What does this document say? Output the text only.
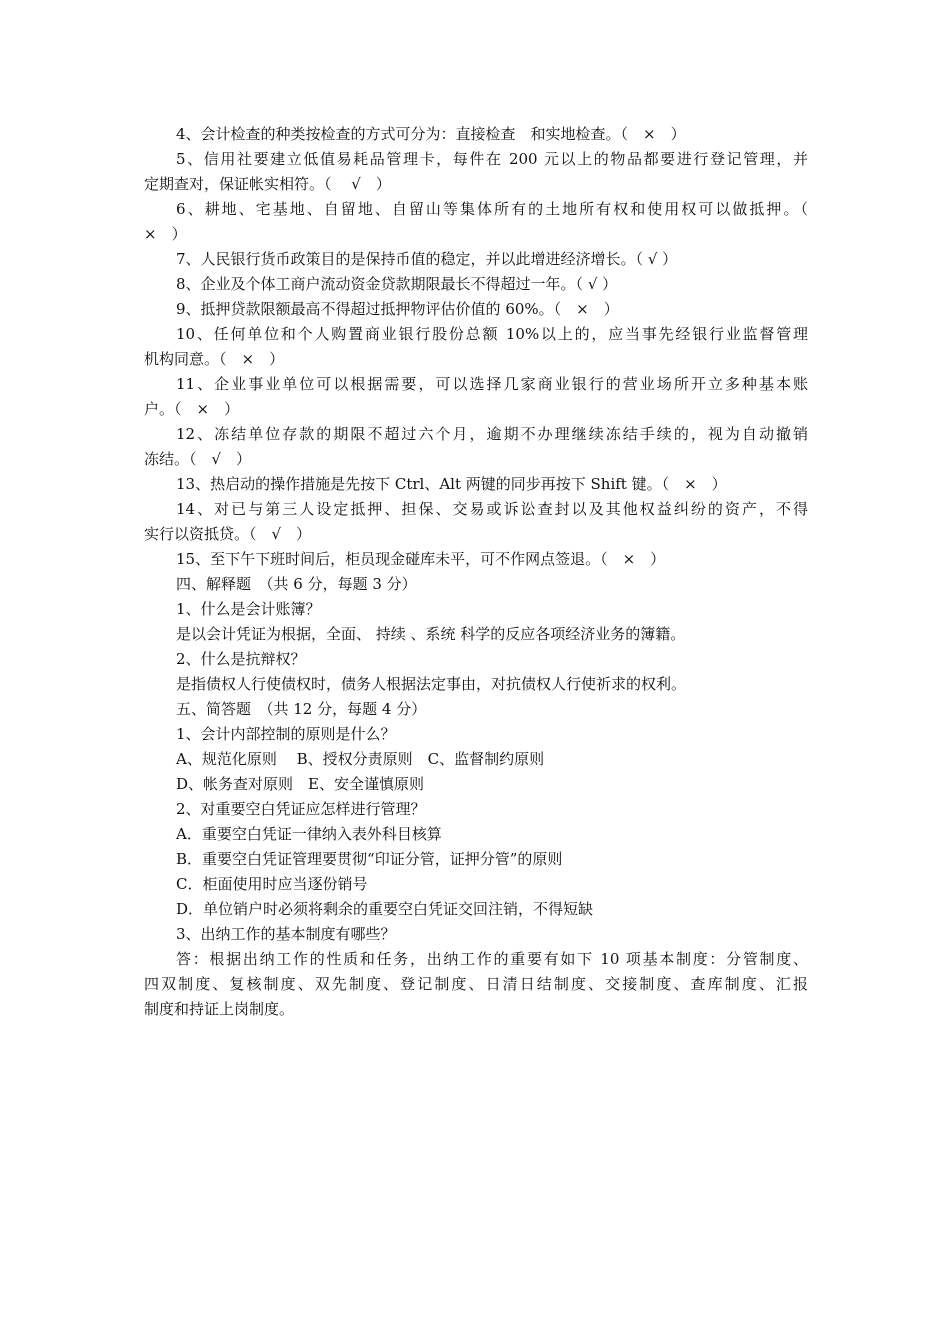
4、会计检查的种类按检查的方式可分为：直接检查　和实地检查。（　×　）
5、信用社要建立低值易耗品管理卡，每件在 200 元以上的物品都要进行登记管理，并
定期查对，保证帐实相符。（　 √　）
6、耕地、宅基地、自留地、自留山等集体所有的土地所有权和使用权可以做抵押。（
×　）
7、人民银行货币政策目的是保持币值的稳定，并以此增进经济增长。（ √ ）
8、企业及个体工商户流动资金贷款期限最长不得超过一年。（ √ ）
9、抵押贷款限额最高不得超过抵押物评估价值的 60%。（　×　）
10、任何单位和个人购置商业银行股份总额 10%以上的，应当事先经银行业监督管理
机构同意。（　×　）
11、企业事业单位可以根据需要，可以选择几家商业银行的营业场所开立多种基本账
户。（　×　）
12、冻结单位存款的期限不超过六个月，逾期不办理继续冻结手续的，视为自动撤销
冻结。（　√　）
13、热启动的操作措施是先按下 Ctrl、Alt 两键的同步再按下 Shift 键。（　×　）
14、对已与第三人设定抵押、担保、交易或诉讼查封以及其他权益纠纷的资产，不得
实行以资抵贷。（　√　）
15、至下午下班时间后，柜员现金碰库未平，可不作网点签退。（　×　）
四、解释题　（共 6 分，每题 3 分）
1、什么是会计账簿？
是以会计凭证为根据，全面、 持续 、系统 科学的反应各项经济业务的簿籍。
2、什么是抗辩权？
是指债权人行使债权时，债务人根据法定事由，对抗债权人行使祈求的权利。
五、简答题　（共 12 分，每题 4 分）
1、会计内部控制的原则是什么？
A、规范化原则　 B、授权分责原则　C、监督制约原则
D、帐务查对原则　E、安全谨慎原则
2、对重要空白凭证应怎样进行管理？
A．重要空白凭证一律纳入表外科目核算
B．重要空白凭证管理要贯彻“印证分管，证押分管”的原则
C．柜面使用时应当逐份销号
D．单位销户时必须将剩余的重要空白凭证交回注销，不得短缺
3、出纳工作的基本制度有哪些？
答：根据出纳工作的性质和任务，出纳工作的重要有如下 10 项基本制度：分管制度、
四双制度、复核制度、双先制度、登记制度、日清日结制度、交接制度、查库制度、汇报
制度和持证上岗制度。
